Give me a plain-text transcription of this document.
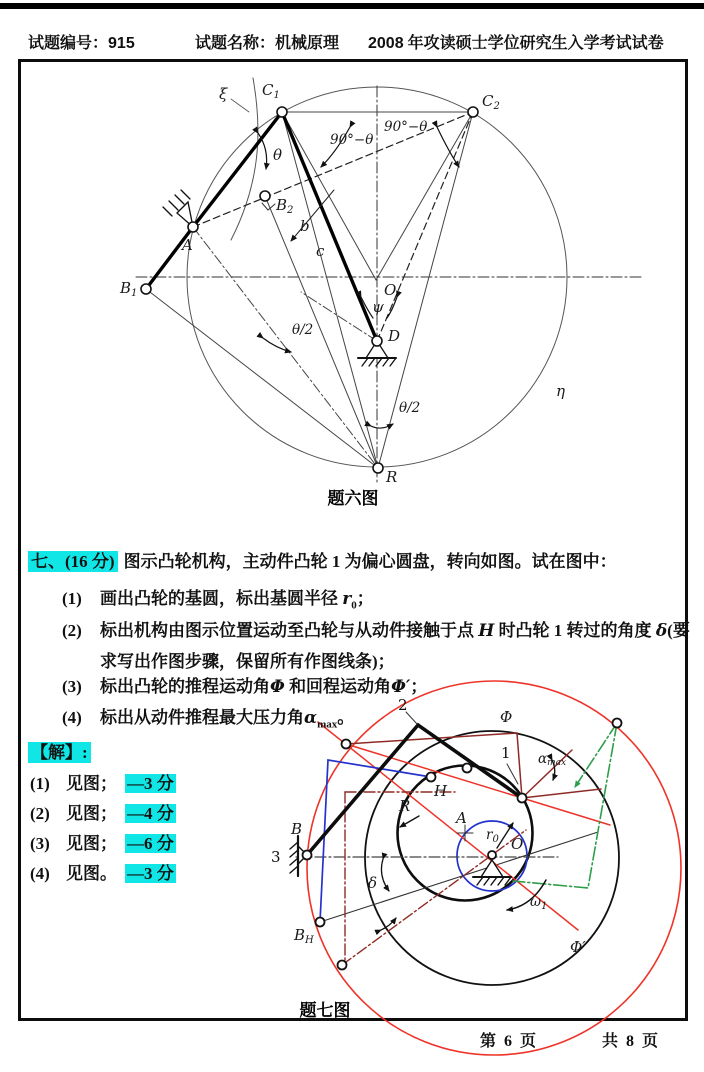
试题编号：915	试题名称：机械原理 2008 年攻读硕士学位研究生入学考试试卷
ξ $C_1$	$C_2$
θ
90°−θ
90°−θ
$B_2$
b
c
A
$B_1$	O
ψ
D
θ/2
θ/2
η
R
题六图
2
1
3
Φ
Φ′
αmax
H
R
A
$r_0$ O
B
$B_H$
δ
$\omega_1$
题七图
七、(16 分) 图示凸轮机构，主动件凸轮 1 为偏心圆盘，转向如图。试在图中：
(1) 画出凸轮的基圆，标出基圆半径 $r_0$；
(2) 标出机构由图示位置运动至凸轮与从动件接触于点 H 时凸轮 1 转过的角度 δ(要
求写出作图步骤，保留所有作图线条)；
(3) 标出凸轮的推程运动角Φ 和回程运动角Φ′；
(4) 标出从动件推程最大压力角$\alpha_{max}$。
【解】:
(1) 见图； —3 分
(2) 见图； —4 分
(3) 见图； —6 分
(4) 见图。 —3 分
第 6 页	共 8 页
